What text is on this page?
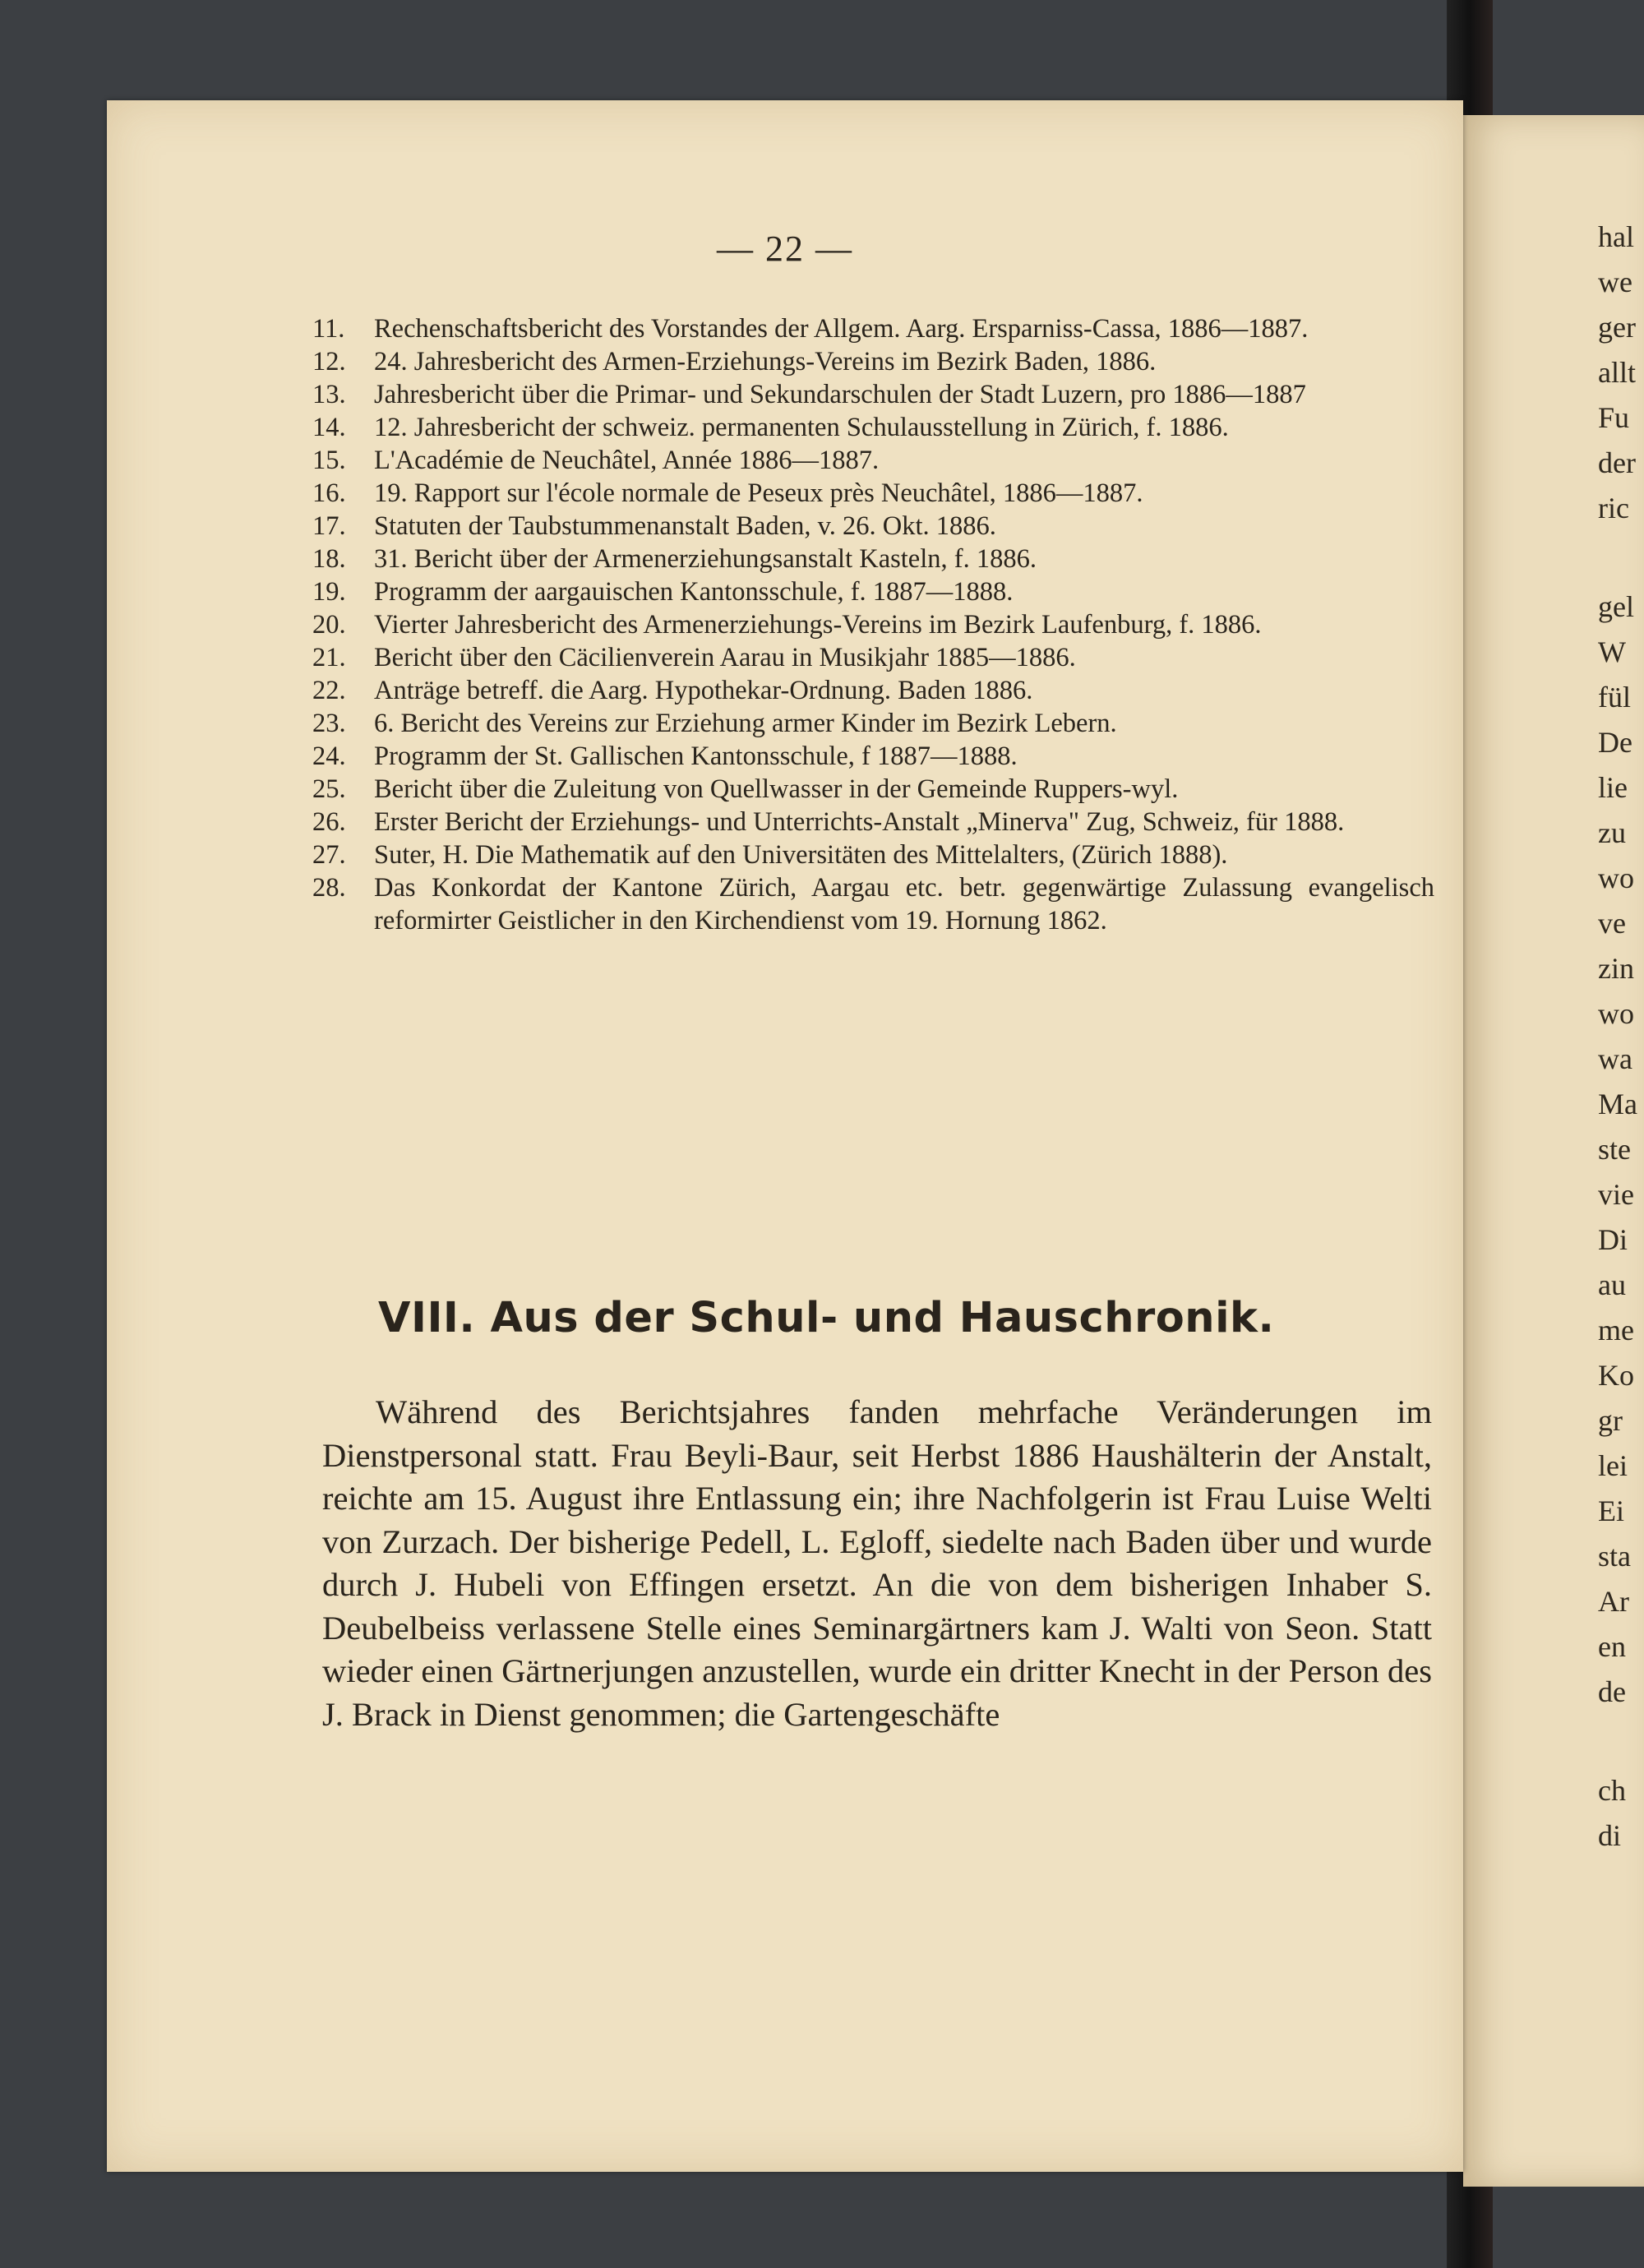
hal
we
ger
allt
Fu
der
ric
gel
W
fül
De
lie
zu
wo
ve
zin
wo
wa
Ma
ste
vie
Di
au
me
Ko
gr
lei
Ei
sta
Ar
en
de
ch
di
— 22 —
11.	Rechenschaftsbericht des Vorstandes der Allgem. Aarg. Ersparniss-Cassa, 1886—1887.
12.	24. Jahresbericht des Armen-Erziehungs-Vereins im Bezirk Baden, 1886.
13.	Jahresbericht über die Primar- und Sekundarschulen der Stadt Luzern, pro 1886—1887
14.	12. Jahresbericht der schweiz. permanenten Schulausstellung in Zürich, f. 1886.
15.	L'Académie de Neuchâtel, Année 1886—1887.
16.	19. Rapport sur l'école normale de Peseux près Neuchâtel, 1886—1887.
17.	Statuten der Taubstummenanstalt Baden, v. 26. Okt. 1886.
18.	31. Bericht über der Armenerziehungsanstalt Kasteln, f. 1886.
19.	Programm der aargauischen Kantonsschule, f. 1887—1888.
20.	Vierter Jahresbericht des Armenerziehungs-Vereins im Bezirk Laufenburg, f. 1886.
21.	Bericht über den Cäcilienverein Aarau in Musikjahr 1885—1886.
22.	Anträge betreff. die Aarg. Hypothekar-Ordnung. Baden 1886.
23.	6. Bericht des Vereins zur Erziehung armer Kinder im Bezirk Lebern.
24.	Programm der St. Gallischen Kantonsschule, f 1887—1888.
25.	Bericht über die Zuleitung von Quellwasser in der Gemeinde Ruppers-wyl.
26.	Erster Bericht der Erziehungs- und Unterrichts-Anstalt „Minerva" Zug, Schweiz, für 1888.
27.	Suter, H. Die Mathematik auf den Universitäten des Mittelalters, (Zürich 1888).
28.	Das Konkordat der Kantone Zürich, Aargau etc. betr. gegenwärtige Zulassung evangelisch reformirter Geistlicher in den Kirchendienst vom 19. Hornung 1862.
VIII. Aus der Schul- und Hauschronik.

Während des Berichtsjahres fanden mehrfache Veränderungen im Dienstpersonal statt. Frau Beyli-Baur, seit Herbst 1886 Haushälterin der Anstalt, reichte am 15. August ihre Entlassung ein; ihre Nachfolgerin ist Frau Luise Welti von Zurzach. Der bisherige Pedell, L. Egloff, siedelte nach Baden über und wurde durch J. Hubeli von Effingen ersetzt. An die von dem bisherigen Inhaber S. Deubelbeiss verlassene Stelle eines Seminargärtners kam J. Walti von Seon. Statt wieder einen Gärtnerjungen anzustellen, wurde ein dritter Knecht in der Person des J. Brack in Dienst genommen; die Gartengeschäfte
